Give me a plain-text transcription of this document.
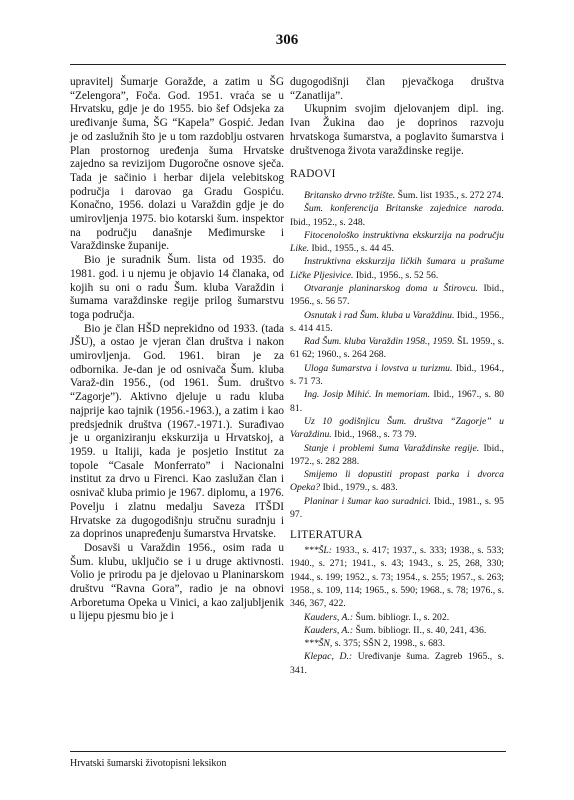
306

upravitelj Šumarje Goražde, a zatim u ŠG “Zelengora”, Foča. God. 1951. vraća se u Hrvatsku, gdje je do 1955. bio šef Odsjeka za uređivanje šuma, ŠG “Kapela” Gospić. Jedan je od zaslužnih što je u tom razdoblju ostvaren Plan prostornog uređenja šuma Hrvatske zajedno sa revizijom Dugoročne osnove sječa. Tada je sačinio i herbar dijela velebitskog područja i darovao ga Gradu Gospiću. Konačno, 1956. dolazi u Varaždin gdje je do umirovljenja 1975. bio kotarski šum. inspektor na području današnje Međimurske i Varaždinske županije.

Bio je suradnik Šum. lista od 1935. do 1981. god. i u njemu je objavio 14 članaka, od kojih su oni o radu Šum. kluba Varaždin i šumama varaždinske regije prilog šumarstvu toga područja.

Bio je član HŠD neprekidno od 1933. (tada JŠU), a ostao je vjeran član društva i nakon umirovljenja. God. 1961. biran je za odbornika. Je-dan je od osnivača Šum. kluba Varaž-din 1956., (od 1961. Šum. društvo “Zagorje”). Aktivno djeluje u radu kluba najprije kao tajnik (1956.-1963.), a zatim i kao predsjednik društva (1967.-1971.). Surađivao je u organiziranju ekskurzija u Hrvatskoj, a 1959. u Italiji, kada je posjetio Institut za topole “Casale Monferrato” i Nacionalni institut za drvo u Firenci. Kao zaslužan član i osnivač kluba primio je 1967. diplomu, a 1976. Povelju i zlatnu medalju Saveza ITŠDI Hrvatske za dugogodišnju stručnu suradnju i za doprinos unapređenju šumarstva Hrvatske.

Dosavši u Varaždin 1956., osim rada u Šum. klubu, uključio se i u druge aktivnosti. Volio je prirodu pa je djelovao u Planinarskom društvu “Ravna Gora”, radio je na obnovi Arboretuma Opeka u Vinici, a kao zaljubljenik u lijepu pjesmu bio je i

dugogodišnji član pjevačkoga društva “Zanatlija”.

Ukupnim svojim djelovanjem dipl. ing. Ivan Žukina dao je doprinos razvoju hrvatskoga šumarstva, a poglavito šumarstva i društvenoga života varaždinske regije.

RADOVI

Britansko drvno tržište. Šum. list 1935., s. 272 274.

Šum. konferencija Britanske zajednice naroda. Ibid., 1952., s. 248.

Fitocenološko instruktivna ekskurzija na području Like. Ibid., 1955., s. 44 45.

Instruktivna ekskurzija ličkih šumara u prašume Ličke Pljesivice. Ibid., 1956., s. 52 56.

Otvaranje planinarskog doma u Štirovcu. Ibid., 1956., s. 56 57.

Osnutak i rad Šum. kluba u Varaždinu. Ibid., 1956., s. 414 415.

Rad Šum. kluba Varaždin 1958., 1959. ŠL 1959., s. 61 62; 1960., s. 264 268.

Uloga šumarstva i lovstva u turizmu. Ibid., 1964., s. 71 73.

Ing. Josip Mihić. In memoriam. Ibid., 1967., s. 80 81.

Uz 10 godišnjicu Šum. društva “Zagorje” u Varaždinu. Ibid., 1968., s. 73 79.

Stanje i problemi šuma Varaždinske regije. Ibid., 1972., s. 282 288.

Smijemo li dopustiti propast parka i dvorca Opeka? Ibid., 1979., s. 483.

Planinar i šumar kao suradnici. Ibid., 1981., s. 95 97.

LITERATURA

***ŠL: 1933., s. 417; 1937., s. 333; 1938., s. 533; 1940., s. 271; 1941., s. 43; 1943., s. 25, 268, 330; 1944., s. 199; 1952., s. 73; 1954., s. 255; 1957., s. 263; 1958., s. 109, 114; 1965., s. 590; 1968., s. 78; 1976., s. 346, 367, 422.

Kauders, A.: Šum. bibliogr. I., s. 202.

Kauders, A.: Šum. bibliogr. II., s. 40, 241, 436.

***ŠN, s. 375; SŠN 2, 1998., s. 683.

Klepac, D.: Uređivanje šuma. Zagreb 1965., s. 341.

Hrvatski šumarski životopisni leksikon
